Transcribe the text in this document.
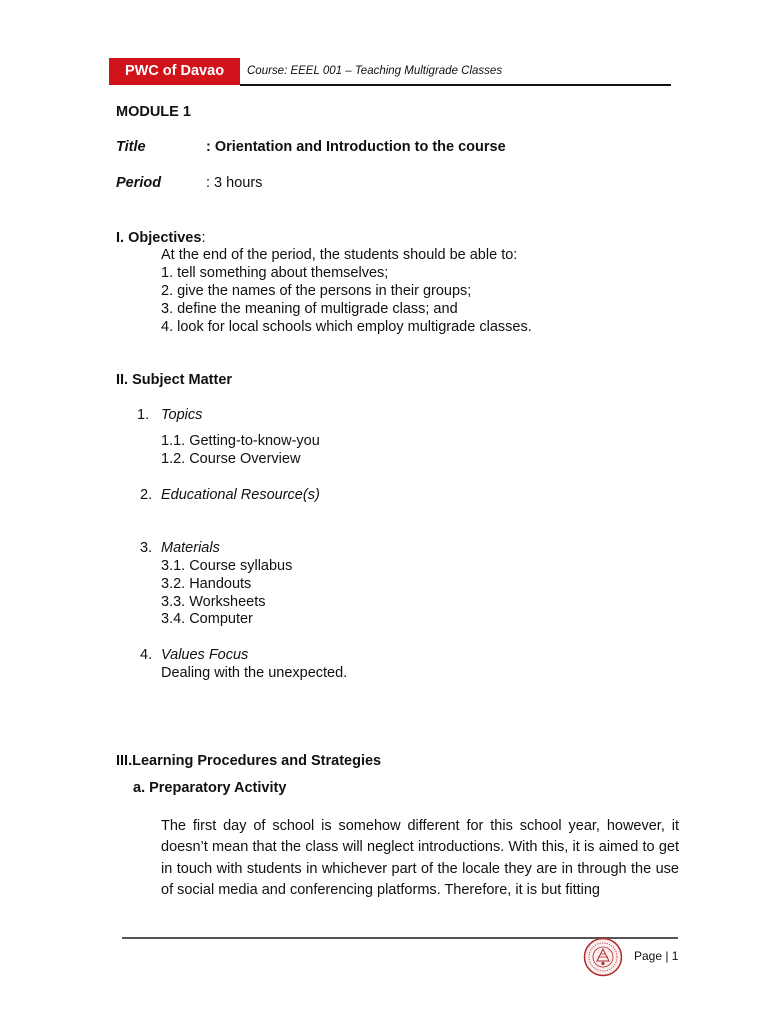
PWC of Davao	Course: EEEL 001 – Teaching Multigrade Classes
MODULE 1
Title	: Orientation and Introduction to the course
Period	: 3 hours
I. Objectives:
At the end of the period, the students should be able to:
1. tell something about themselves;
2. give the names of the persons in their groups;
3. define the meaning of multigrade class; and
4. look for local schools which employ multigrade classes.
II. Subject Matter
1. Topics
1.1. Getting-to-know-you
1.2. Course Overview
2. Educational Resource(s)
3. Materials
3.1. Course syllabus
3.2. Handouts
3.3. Worksheets
3.4. Computer
4. Values Focus
Dealing with the unexpected.
III.Learning Procedures and Strategies
a. Preparatory Activity
The first day of school is somehow different for this school year, however, it doesn’t mean that the class will neglect introductions. With this, it is aimed to get in touch with students in whichever part of the locale they are in through the use of social media and conferencing platforms. Therefore, it is but fitting
Page | 1
